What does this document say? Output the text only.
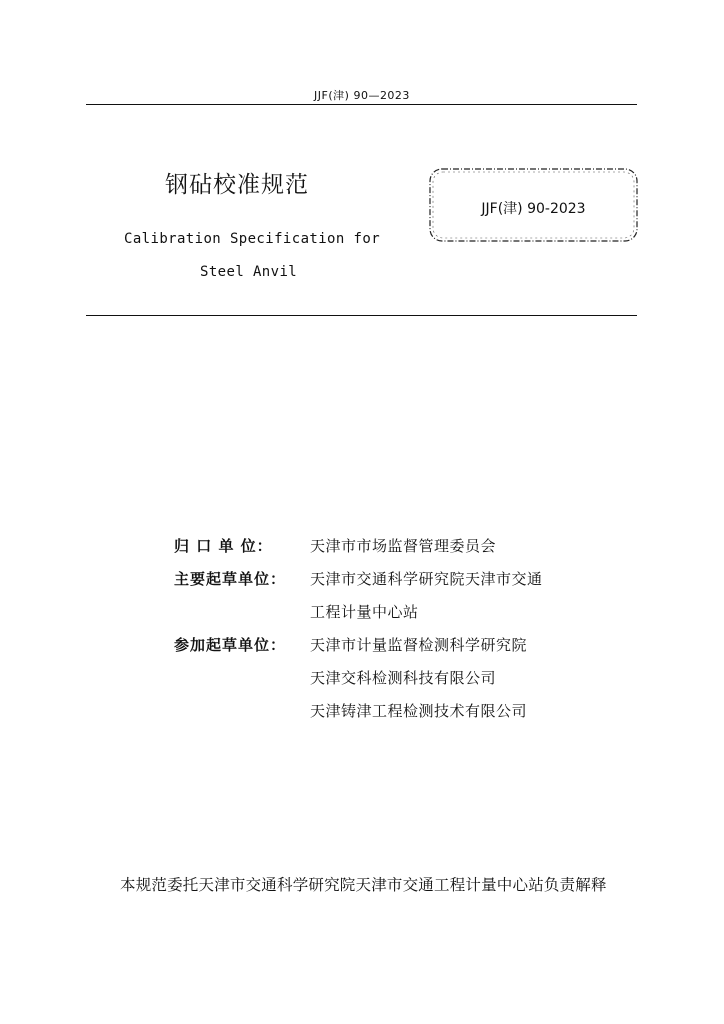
JJF(津) 90—2023
钢砧校准规范
Calibration Specification for
Steel Anvil
JJF(津) 90-2023
归 口 单 位：	天津市市场监督管理委员会
主要起草单位：	天津市交通科学研究院天津市交通
工程计量中心站
参加起草单位：	天津市计量监督检测科学研究院
天津交科检测科技有限公司
天津铸津工程检测技术有限公司
本规范委托天津市交通科学研究院天津市交通工程计量中心站负责解释
